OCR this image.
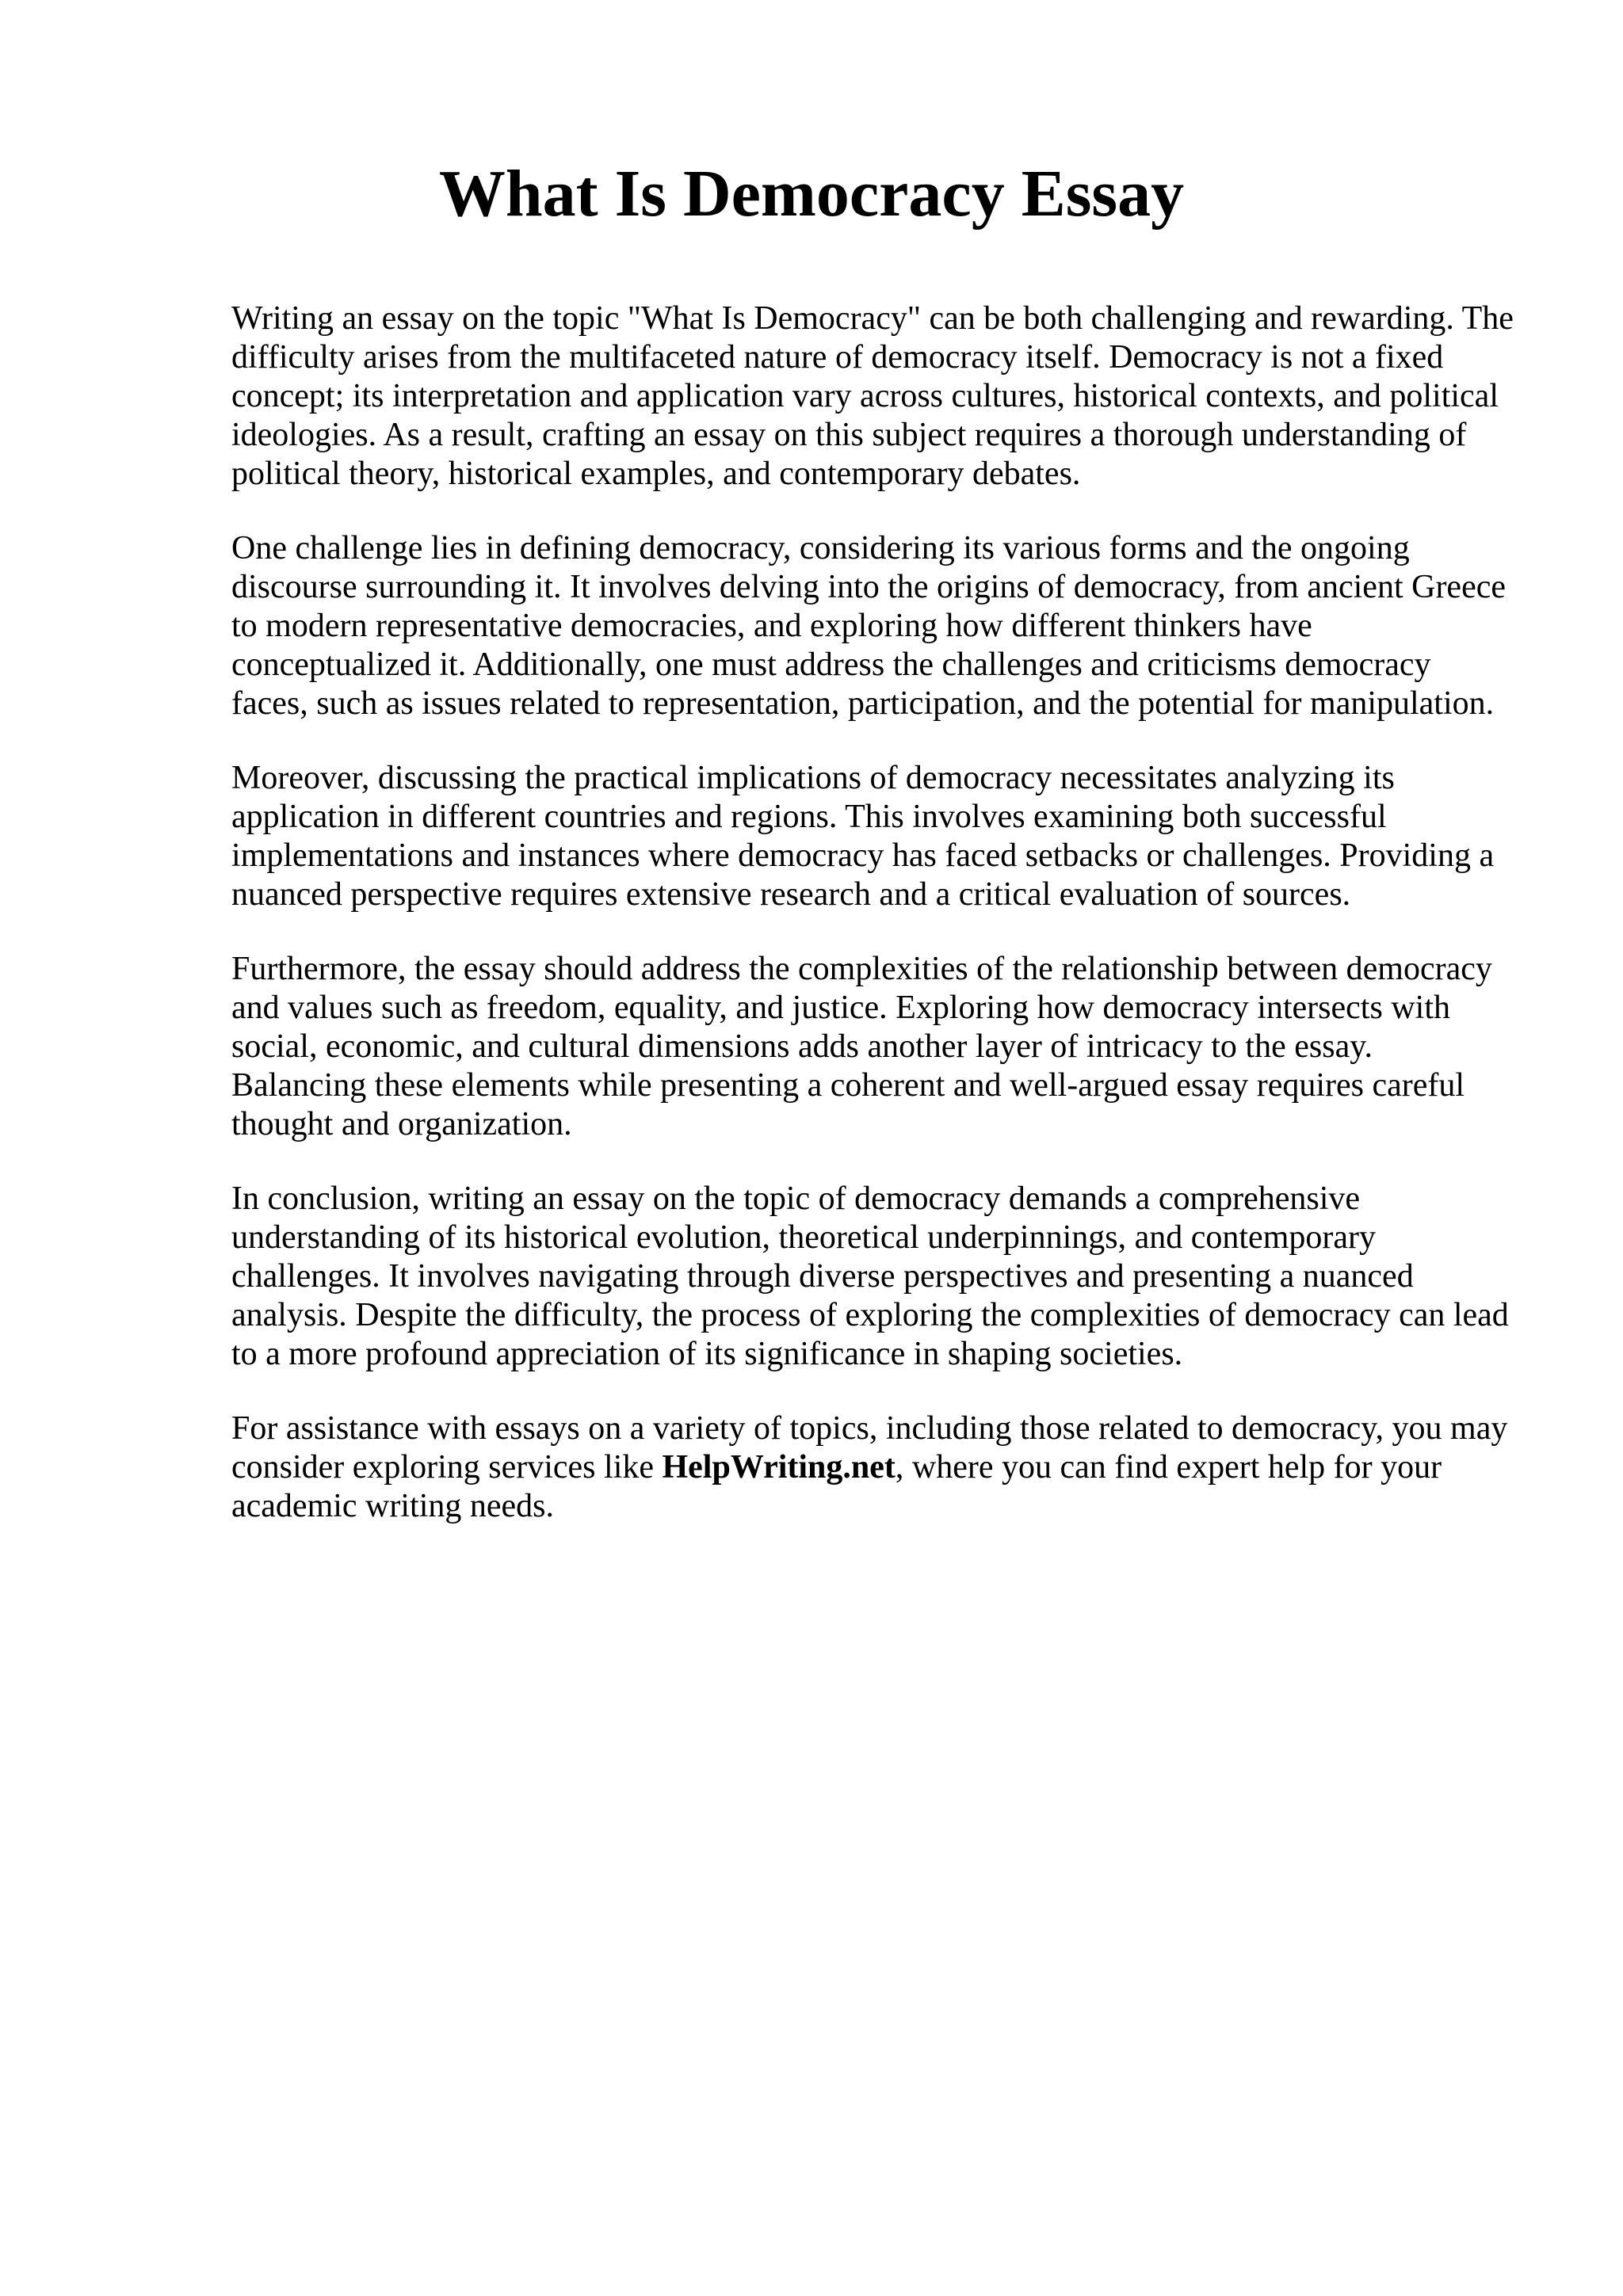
What Is Democracy Essay

Writing an essay on the topic "What Is Democracy" can be both challenging and rewarding. The difficulty arises from the multifaceted nature of democracy itself. Democracy is not a fixed concept; its interpretation and application vary across cultures, historical contexts, and political ideologies. As a result, crafting an essay on this subject requires a thorough understanding of political theory, historical examples, and contemporary debates.

One challenge lies in defining democracy, considering its various forms and the ongoing discourse surrounding it. It involves delving into the origins of democracy, from ancient Greece to modern representative democracies, and exploring how different thinkers have conceptualized it. Additionally, one must address the challenges and criticisms democracy faces, such as issues related to representation, participation, and the potential for manipulation.

Moreover, discussing the practical implications of democracy necessitates analyzing its application in different countries and regions. This involves examining both successful implementations and instances where democracy has faced setbacks or challenges. Providing a nuanced perspective requires extensive research and a critical evaluation of sources.

Furthermore, the essay should address the complexities of the relationship between democracy and values such as freedom, equality, and justice. Exploring how democracy intersects with social, economic, and cultural dimensions adds another layer of intricacy to the essay. Balancing these elements while presenting a coherent and well-argued essay requires careful thought and organization.

In conclusion, writing an essay on the topic of democracy demands a comprehensive understanding of its historical evolution, theoretical underpinnings, and contemporary challenges. It involves navigating through diverse perspectives and presenting a nuanced analysis. Despite the difficulty, the process of exploring the complexities of democracy can lead to a more profound appreciation of its significance in shaping societies.

For assistance with essays on a variety of topics, including those related to democracy, you may consider exploring services like HelpWriting.net, where you can find expert help for your academic writing needs.
